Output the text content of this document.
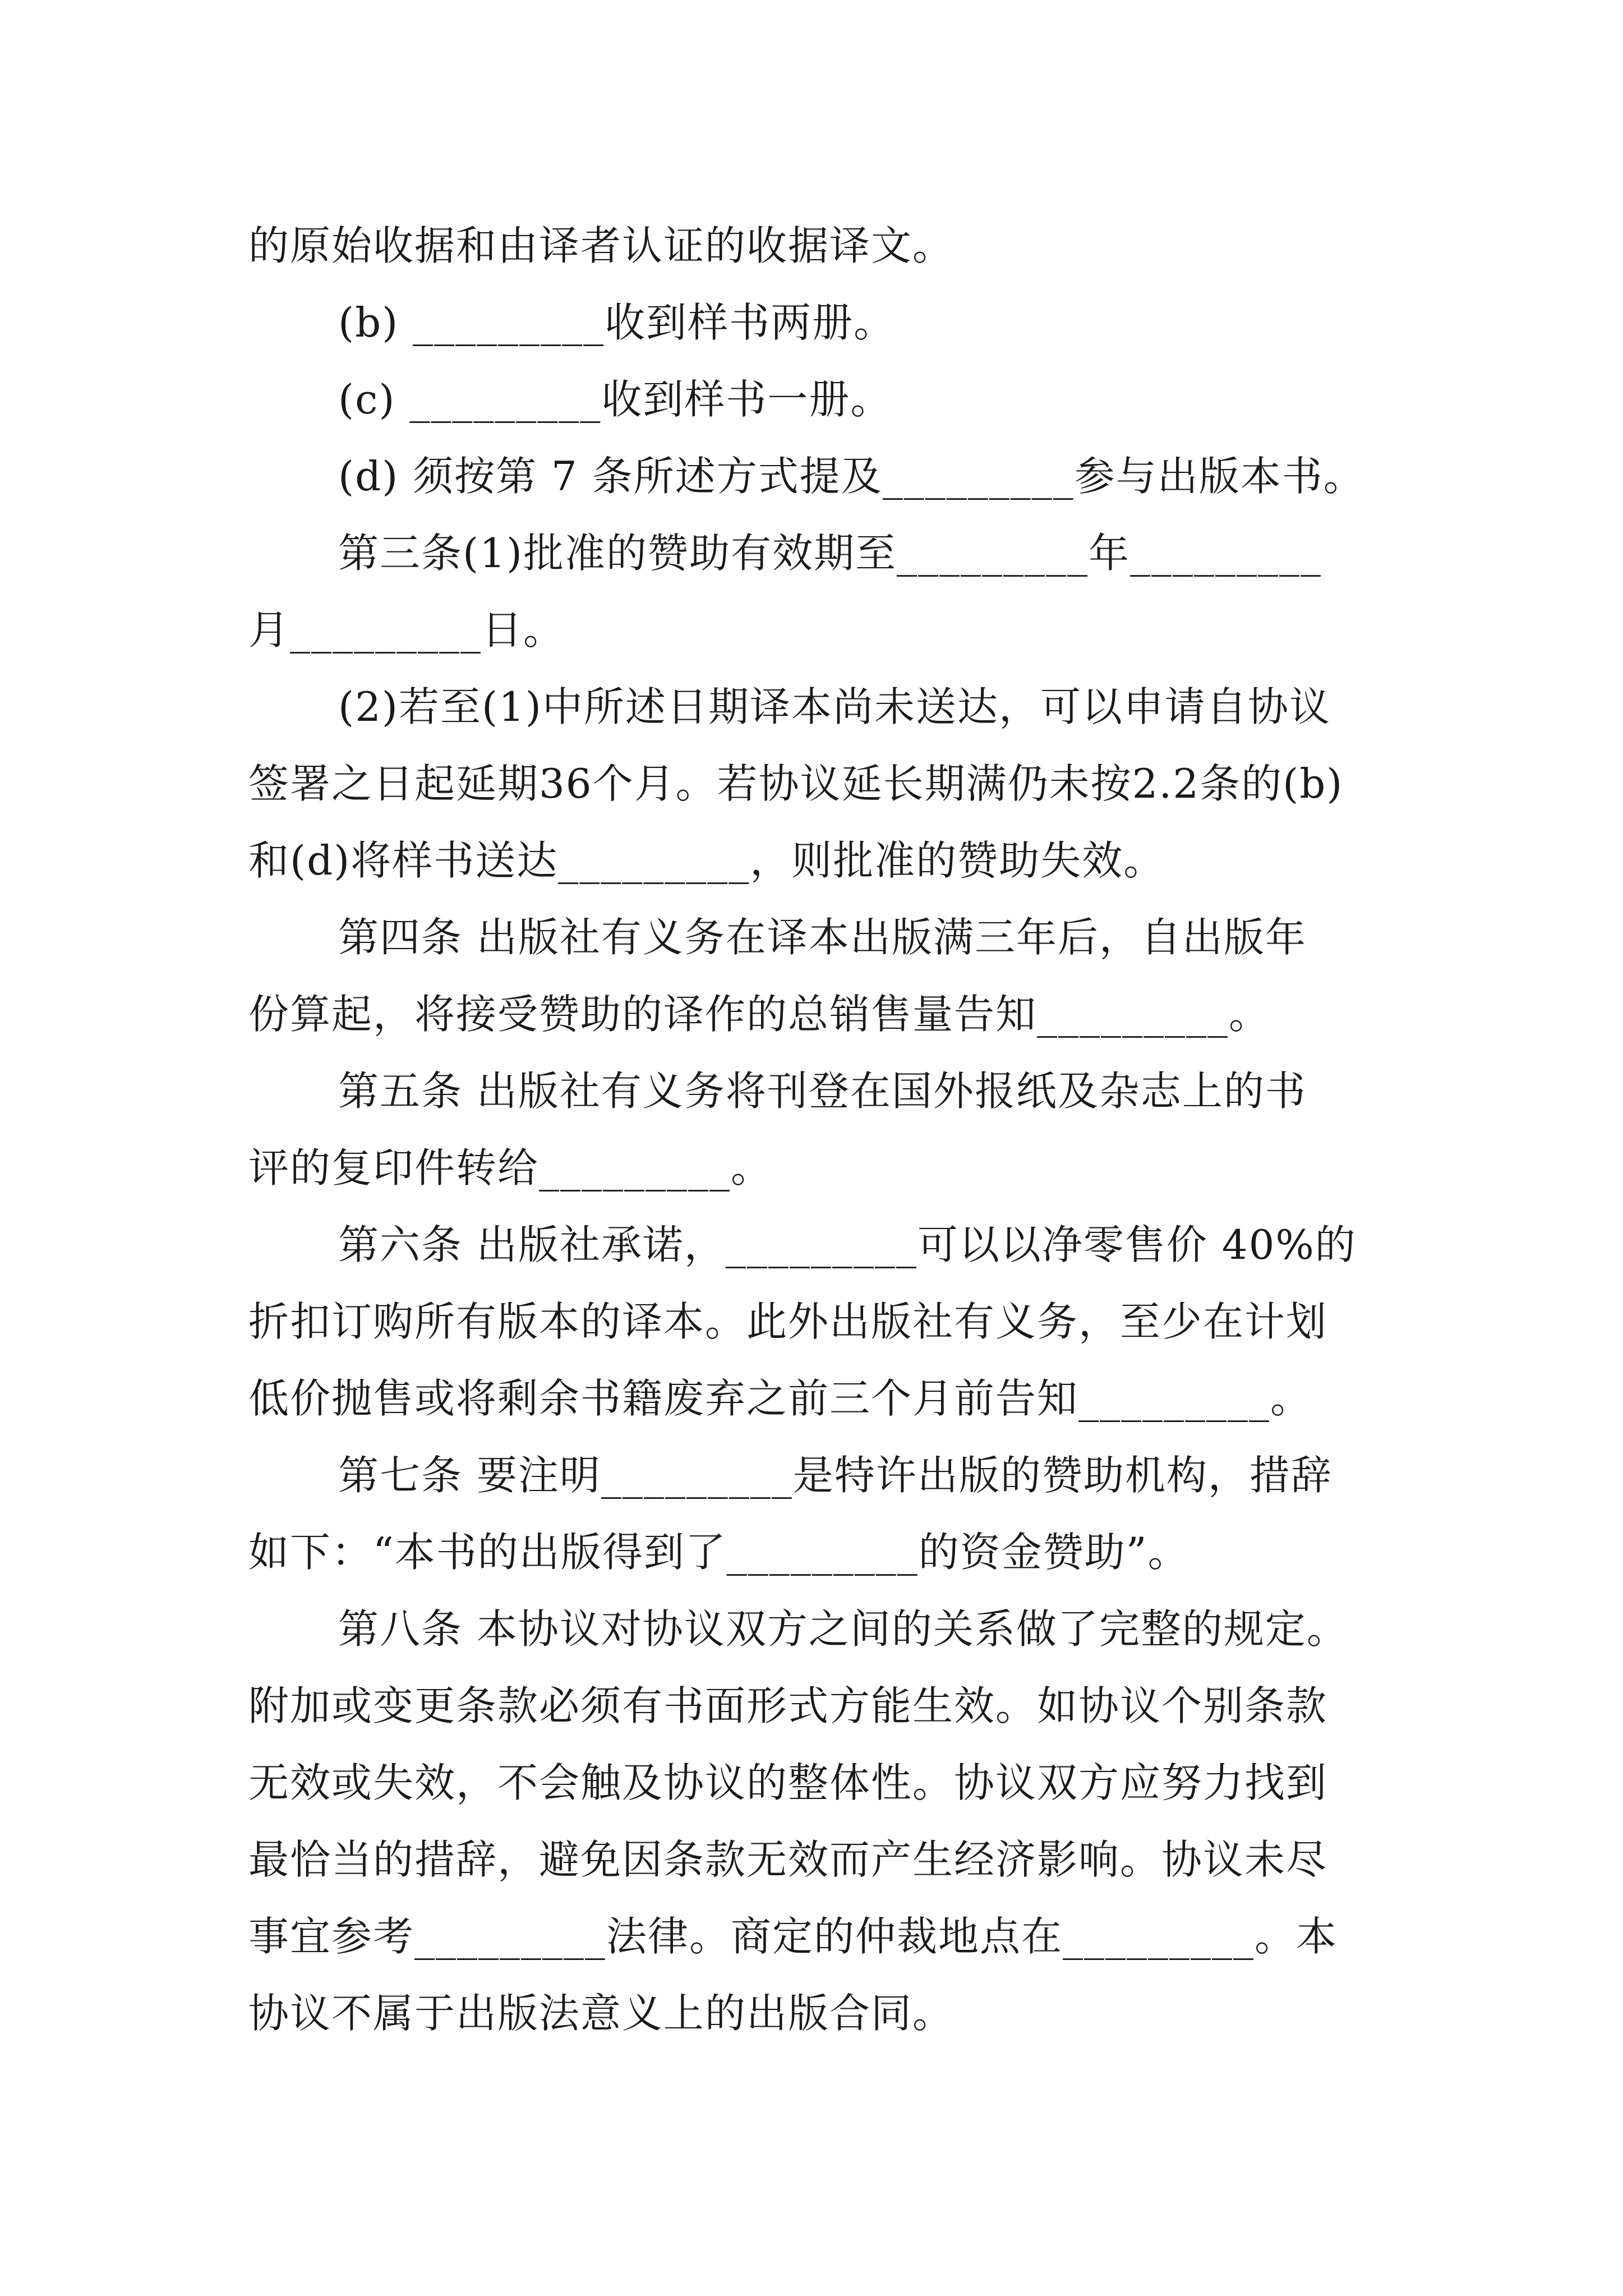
的原始收据和由译者认证的收据译文。
(b) _________收到样书两册。
(c) _________收到样书一册。
(d) 须按第 7 条所述方式提及_________参与出版本书。
第三条(1)批准的赞助有效期至_________年_________
月_________日。
(2)若至(1)中所述日期译本尚未送达，可以申请自协议
签署之日起延期36个月。若协议延长期满仍未按2.2条的(b)
和(d)将样书送达_________，则批准的赞助失效。
第四条 出版社有义务在译本出版满三年后，自出版年
份算起，将接受赞助的译作的总销售量告知_________。
第五条 出版社有义务将刊登在国外报纸及杂志上的书
评的复印件转给_________。
第六条 出版社承诺，_________可以以净零售价 40%的
折扣订购所有版本的译本。此外出版社有义务，至少在计划
低价抛售或将剩余书籍废弃之前三个月前告知_________。
第七条 要注明_________是特许出版的赞助机构，措辞
如下：“本书的出版得到了_________的资金赞助”。
第八条 本协议对协议双方之间的关系做了完整的规定。
附加或变更条款必须有书面形式方能生效。如协议个别条款
无效或失效，不会触及协议的整体性。协议双方应努力找到
最恰当的措辞，避免因条款无效而产生经济影响。协议未尽
事宜参考_________法律。商定的仲裁地点在_________。本
协议不属于出版法意义上的出版合同。
